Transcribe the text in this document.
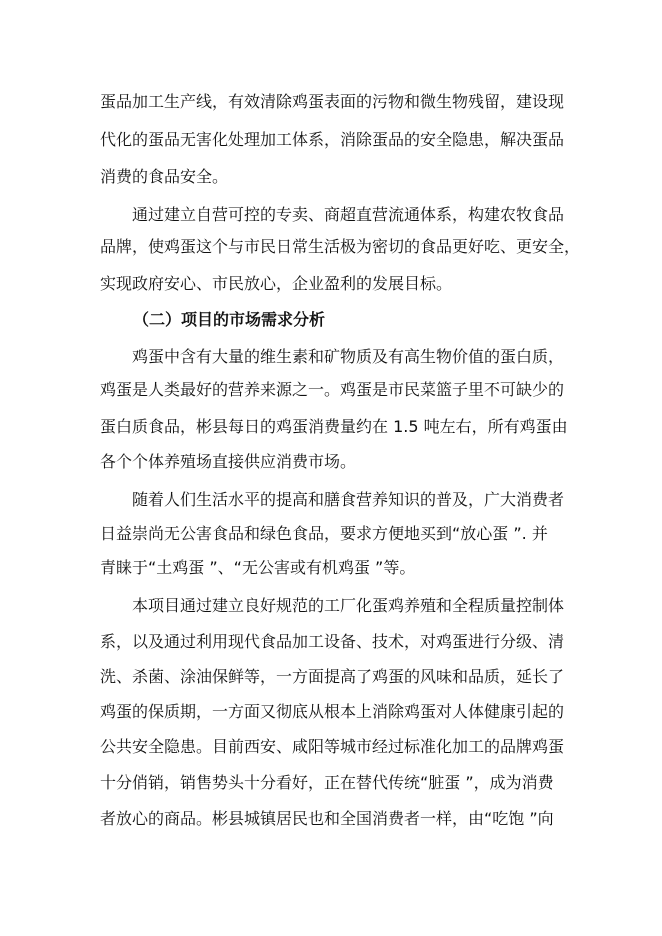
蛋品加工生产线，有效清除鸡蛋表面的污物和微生物残留，建设现
代化的蛋品无害化处理加工体系，消除蛋品的安全隐患，解决蛋品
消费的食品安全。
通过建立自营可控的专卖、商超直营流通体系，构建农牧食品
品牌，使鸡蛋这个与市民日常生活极为密切的食品更好吃、更安全，
实现政府安心、市民放心，企业盈利的发展目标。
（二）项目的市场需求分析
鸡蛋中含有大量的维生素和矿物质及有高生物价值的蛋白质，
鸡蛋是人类最好的营养来源之一。鸡蛋是市民菜篮子里不可缺少的
蛋白质食品，彬县每日的鸡蛋消费量约在 1.5 吨左右，所有鸡蛋由
各个个体养殖场直接供应消费市场。
随着人们生活水平的提高和膳食营养知识的普及，广大消费者
日益崇尚无公害食品和绿色食品，要求方便地买到“放心蛋 ”. 并
青睐于“土鸡蛋 ”、“无公害或有机鸡蛋 ”等。
本项目通过建立良好规范的工厂化蛋鸡养殖和全程质量控制体
系，以及通过利用现代食品加工设备、技术，对鸡蛋进行分级、清
洗、杀菌、涂油保鲜等，一方面提高了鸡蛋的风味和品质，延长了
鸡蛋的保质期，一方面又彻底从根本上消除鸡蛋对人体健康引起的
公共安全隐患。目前西安、咸阳等城市经过标准化加工的品牌鸡蛋
十分俏销，销售势头十分看好，正在替代传统“脏蛋 ”，成为消费
者放心的商品。彬县城镇居民也和全国消费者一样，由“吃饱 ”向
